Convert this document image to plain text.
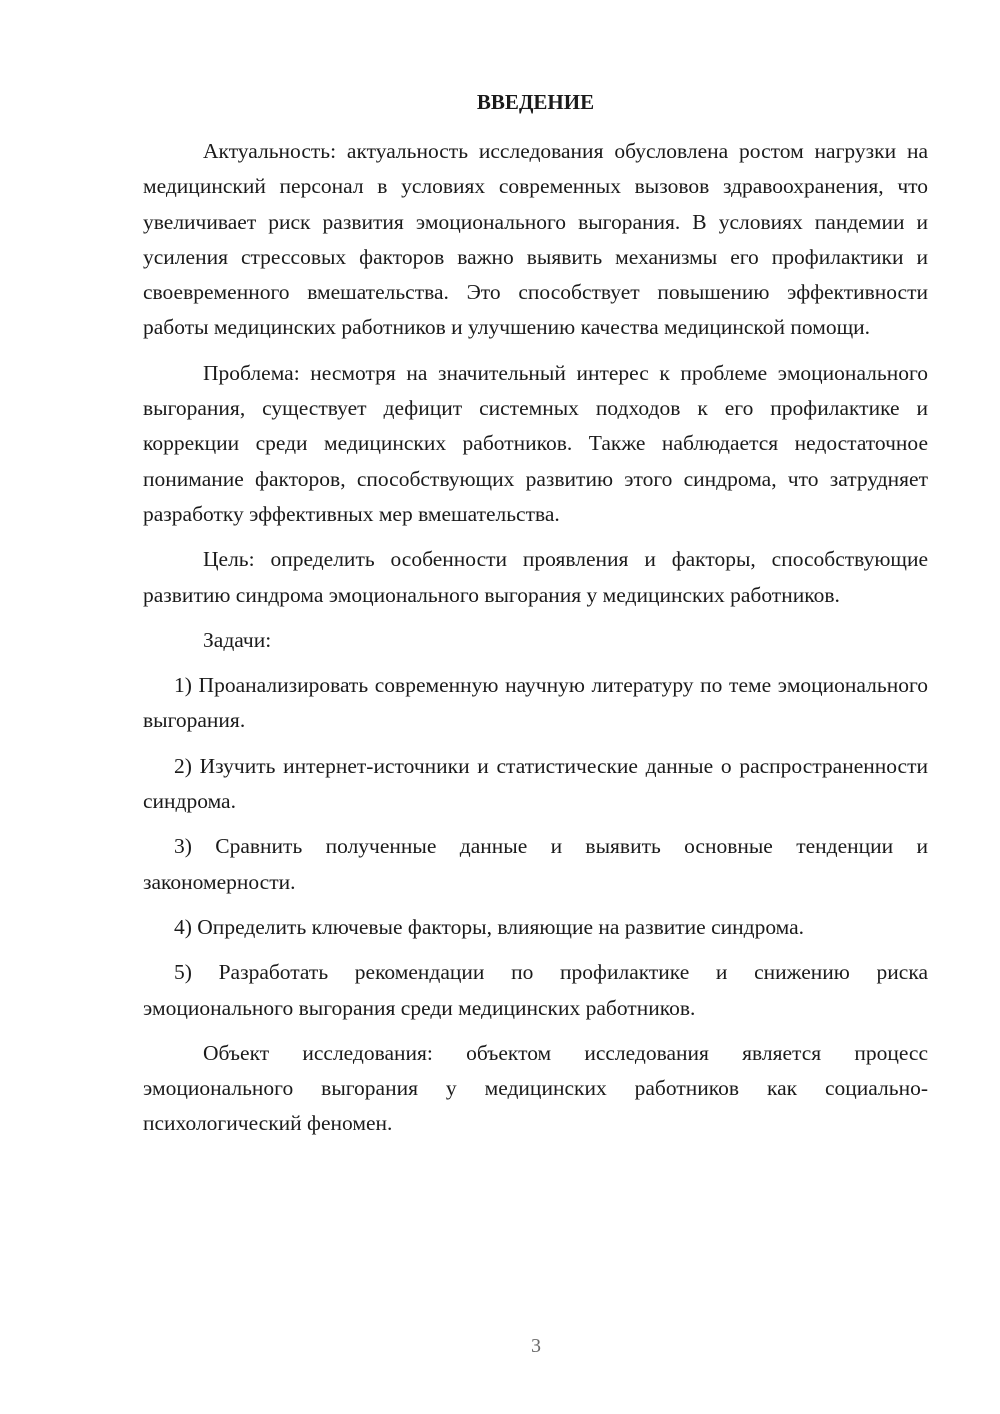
ВВЕДЕНИЕ

Актуальность: актуальность исследования обусловлена ростом нагрузки на медицинский персонал в условиях современных вызовов здравоохранения, что увеличивает риск развития эмоционального выгорания. В условиях пандемии и усиления стрессовых факторов важно выявить механизмы его профилактики и своевременного вмешательства. Это способствует повышению эффективности работы медицинских работников и улучшению качества медицинской помощи.

Проблема: несмотря на значительный интерес к проблеме эмоционального выгорания, существует дефицит системных подходов к его профилактике и коррекции среди медицинских работников. Также наблюдается недостаточное понимание факторов, способствующих развитию этого синдрома, что затрудняет разработку эффективных мер вмешательства.

Цель: определить особенности проявления и факторы, способствующие развитию синдрома эмоционального выгорания у медицинских работников.

Задачи:

1) Проанализировать современную научную литературу по теме эмоционального выгорания.

2) Изучить интернет-источники и статистические данные о распространенности синдрома.

3) Сравнить полученные данные и выявить основные тенденции и закономерности.

4) Определить ключевые факторы, влияющие на развитие синдрома.

5) Разработать рекомендации по профилактике и снижению риска эмоционального выгорания среди медицинских работников.

Объект исследования: объектом исследования является процесс эмоционального выгорания у медицинских работников как социально-психологический феномен.

3
